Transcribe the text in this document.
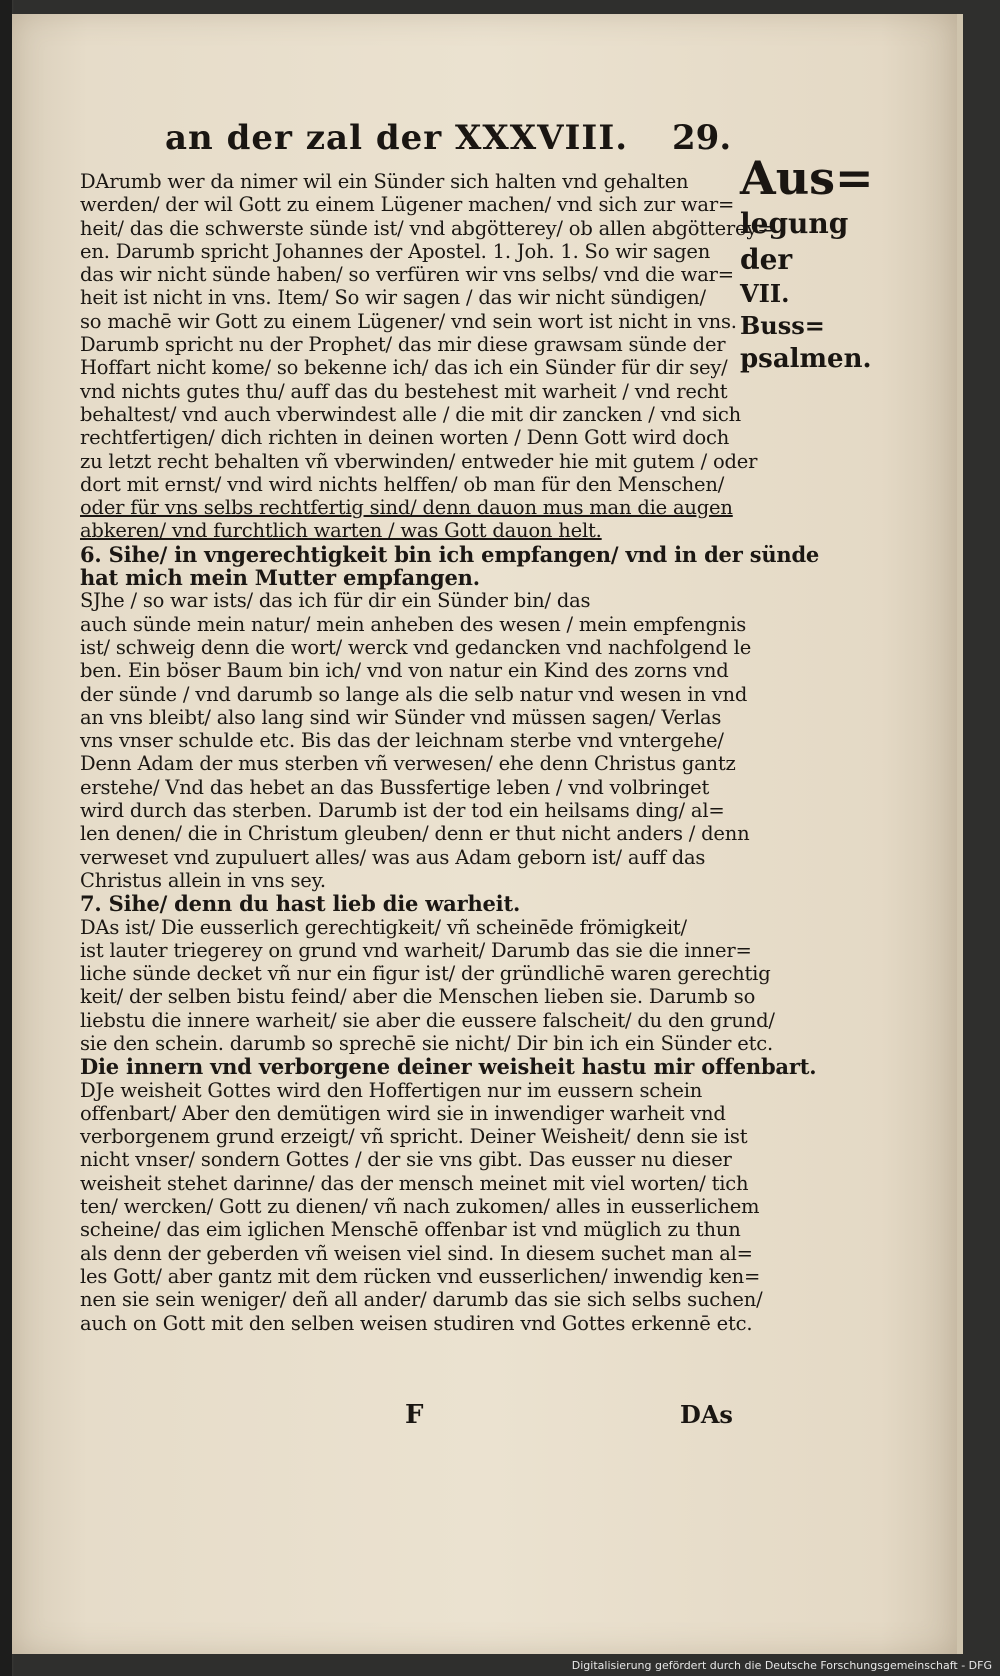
an der zal der XXXVIII. 29.
Aus=
legung der
VII. Buss=
psalmen.
DArumb wer da nimer wil ein Sünder sich halten vnd gehalten
werden/ der wil Gott zu einem Lügener machen/ vnd sich zur war=
heit/ das die schwerste sünde ist/ vnd abgötterey/ ob allen abgötterey=
en. Darumb spricht Johannes der Apostel. 1. Joh. 1. So wir sagen
das wir nicht sünde haben/ so verfüren wir vns selbs/ vnd die war=
heit ist nicht in vns. Item/ So wir sagen / das wir nicht sündigen/
so machē wir Gott zu einem Lügener/ vnd sein wort ist nicht in vns.
Darumb spricht nu der Prophet/ das mir diese grawsam sünde der
Hoffart nicht kome/ so bekenne ich/ das ich ein Sünder für dir sey/
vnd nichts gutes thu/ auff das du bestehest mit warheit / vnd recht
behaltest/ vnd auch vberwindest alle / die mit dir zancken / vnd sich
rechtfertigen/ dich richten in deinen worten / Denn Gott wird doch
zu letzt recht behalten vñ vberwinden/ entweder hie mit gutem / oder
dort mit ernst/ vnd wird nichts helffen/ ob man für den Menschen/
oder für vns selbs rechtfertig sind/ denn dauon mus man die augen
abkeren/ vnd furchtlich warten / was Gott dauon helt.
6. Sihe/ in vngerechtigkeit bin ich empfangen/ vnd in der sünde
hat mich mein Mutter empfangen.
SJhe / so war ists/ das ich für dir ein Sünder bin/ das
auch sünde mein natur/ mein anheben des wesen / mein empfengnis
ist/ schweig denn die wort/ werck vnd gedancken vnd nachfolgend le
ben. Ein böser Baum bin ich/ vnd von natur ein Kind des zorns vnd
der sünde / vnd darumb so lange als die selb natur vnd wesen in vnd
an vns bleibt/ also lang sind wir Sünder vnd müssen sagen/ Verlas
vns vnser schulde etc. Bis das der leichnam sterbe vnd vntergehe/
Denn Adam der mus sterben vñ verwesen/ ehe denn Christus gantz
erstehe/ Vnd das hebet an das Bussfertige leben / vnd volbringet
wird durch das sterben. Darumb ist der tod ein heilsams ding/ al=
len denen/ die in Christum gleuben/ denn er thut nicht anders / denn
verweset vnd zupuluert alles/ was aus Adam geborn ist/ auff das
Christus allein in vns sey.
7. Sihe/ denn du hast lieb die warheit.
DAs ist/ Die eusserlich gerechtigkeit/ vñ scheinēde frömigkeit/
ist lauter triegerey on grund vnd warheit/ Darumb das sie die inner=
liche sünde decket vñ nur ein figur ist/ der gründlichē waren gerechtig
keit/ der selben bistu feind/ aber die Menschen lieben sie. Darumb so
liebstu die innere warheit/ sie aber die eussere falscheit/ du den grund/
sie den schein. darumb so sprechē sie nicht/ Dir bin ich ein Sünder etc.
Die innern vnd verborgene deiner weisheit hastu mir offenbart.
DJe weisheit Gottes wird den Hoffertigen nur im eussern schein
offenbart/ Aber den demütigen wird sie in inwendiger warheit vnd
verborgenem grund erzeigt/ vñ spricht. Deiner Weisheit/ denn sie ist
nicht vnser/ sondern Gottes / der sie vns gibt. Das eusser nu dieser
weisheit stehet darinne/ das der mensch meinet mit viel worten/ tich
ten/ wercken/ Gott zu dienen/ vñ nach zukomen/ alles in eusserlichem
scheine/ das eim iglichen Menschē offenbar ist vnd müglich zu thun
als denn der geberden vñ weisen viel sind. In diesem suchet man al=
les Gott/ aber gantz mit dem rücken vnd eusserlichen/ inwendig ken=
nen sie sein weniger/ deñ all ander/ darumb das sie sich selbs suchen/
auch on Gott mit den selben weisen studiren vnd Gottes erkennē etc.
F	DAs
Digitalisierung gefördert durch die Deutsche Forschungsgemeinschaft - DFG
